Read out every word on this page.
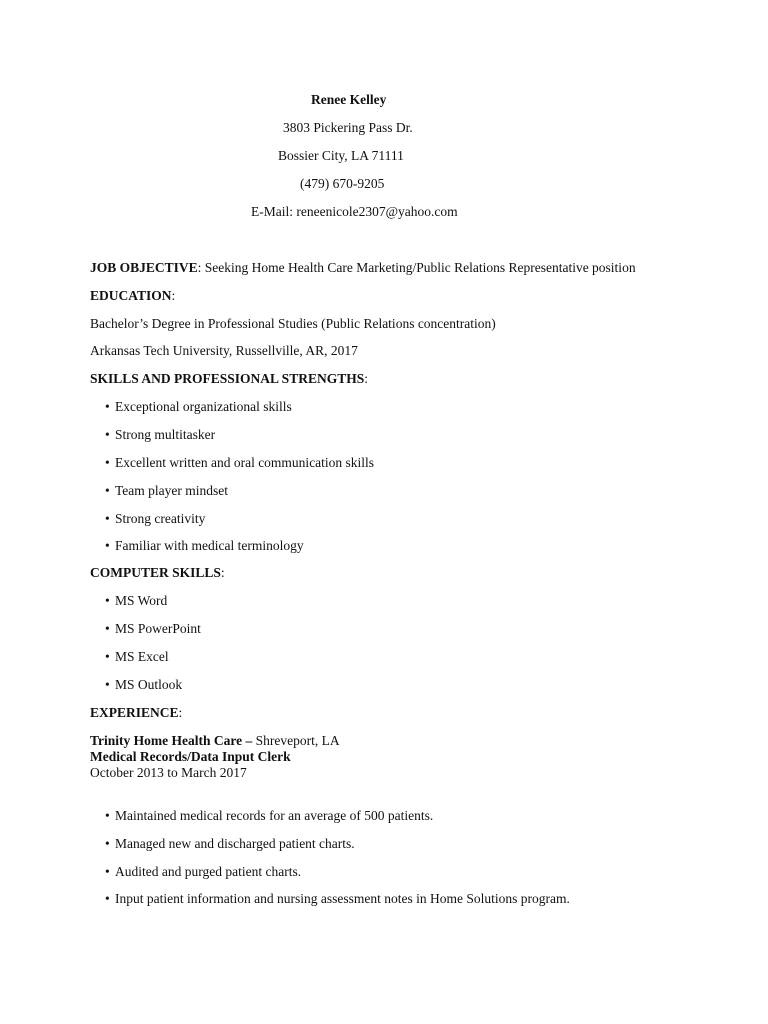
Renee Kelley
3803 Pickering Pass Dr.
Bossier City, LA 71111
(479) 670-9205
E-Mail: reneenicole2307@yahoo.com
JOB OBJECTIVE: Seeking Home Health Care Marketing/Public Relations Representative position
EDUCATION:
Bachelor’s Degree in Professional Studies (Public Relations concentration)
Arkansas Tech University, Russellville, AR, 2017
SKILLS AND PROFESSIONAL STRENGTHS:
• Exceptional organizational skills
• Strong multitasker
• Excellent written and oral communication skills
• Team player mindset
• Strong creativity
• Familiar with medical terminology
COMPUTER SKILLS:
• MS Word
• MS PowerPoint
• MS Excel
• MS Outlook
EXPERIENCE:
Trinity Home Health Care – Shreveport, LA
Medical Records/Data Input Clerk
October 2013 to March 2017
• Maintained medical records for an average of 500 patients.
• Managed new and discharged patient charts.
• Audited and purged patient charts.
• Input patient information and nursing assessment notes in Home Solutions program.
